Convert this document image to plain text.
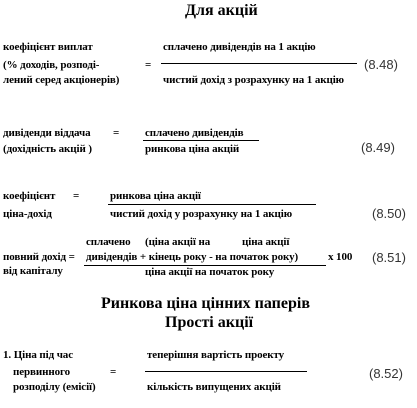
Для акцій
коефіцієнт виплат
(% доходів, розподі-
лений серед акціонерів)
=
сплачено дивідендів на 1 акцію
чистий дохід з розрахунку на 1 акцію
(8.48)
дивіденди віддача
(дохідність акцій )
= сплачено дивідендів
ринкова ціна акцій	(8.49)
коефіцієнт
ціна-дохід
=	ринкова ціна акції
чистий дохід у розрахунку на 1 акцію	(8.50)
сплачено (ціна акції на	ціна акції
повний дохід =
від капіталу
дивідендів + кінець року - на початок року)	x 100
ціна акції на початок року
(8.51)
Ринкова ціна цінних паперів
Прості акції
1. Ціна під час
первинного
розподілу (емісії)
=
теперішня вартість проекту
кількість випущених акцій
(8.52)
